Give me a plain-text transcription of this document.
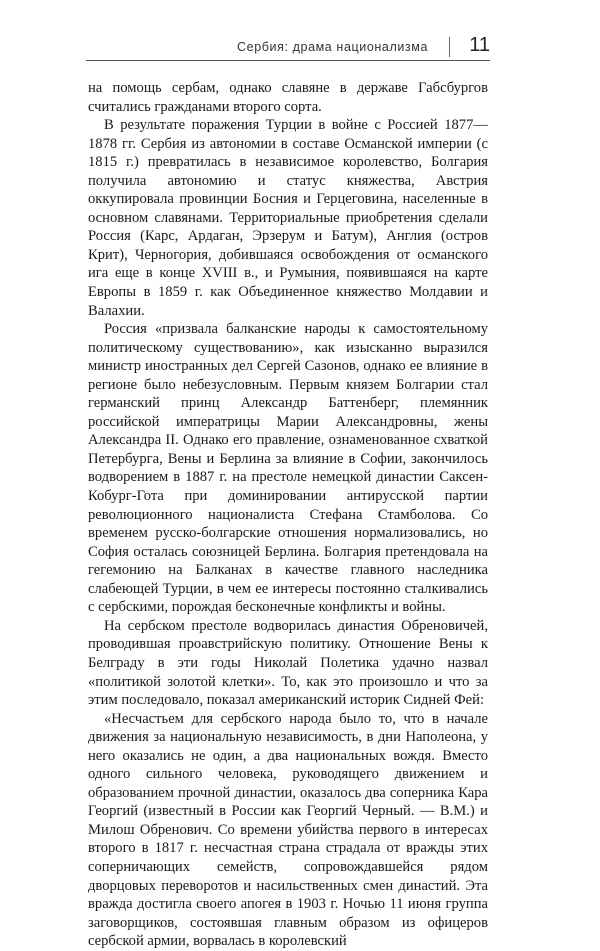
Сербия: драма национализма 11

на помощь сербам, однако славяне в державе Габсбургов считались гражданами второго сорта.

В результате поражения Турции в войне с Россией 1877—1878 гг. Сербия из автономии в составе Османской империи (с 1815 г.) превратилась в независимое королевство, Болгария получила автономию и статус княжества, Австрия оккупировала провинции Босния и Герцеговина, населенные в основном славянами. Территориальные приобретения сделали Россия (Карс, Ардаган, Эрзерум и Батум), Англия (остров Крит), Черногория, добившаяся освобождения от османского ига еще в конце XVIII в., и Румыния, появившаяся на карте Европы в 1859 г. как Объединенное княжество Молдавии и Валахии.

Россия «призвала балканские народы к самостоятельному политическому существованию», как изысканно выразился министр иностранных дел Сергей Сазонов, однако ее влияние в регионе было небезусловным. Первым князем Болгарии стал германский принц Александр Баттенберг, племянник российской императрицы Марии Александровны, жены Александра II. Однако его правление, ознаменованное схваткой Петербурга, Вены и Берлина за влияние в Софии, закончилось водворением в 1887 г. на престоле немецкой династии Саксен-Кобург-Гота при доминировании антирусской партии революционного националиста Стефана Стамболова. Со временем русско-болгарские отношения нормализовались, но София осталась союзницей Берлина. Болгария претендовала на гегемонию на Балканах в качестве главного наследника слабеющей Турции, в чем ее интересы постоянно сталкивались с сербскими, порождая бесконечные конфликты и войны.

На сербском престоле водворилась династия Обреновичей, проводившая проавстрийскую политику. Отношение Вены к Белграду в эти годы Николай Полетика удачно назвал «политикой золотой клетки». То, как это произошло и что за этим последовало, показал американский историк Сидней Фей:

«Несчастьем для сербского народа было то, что в начале движения за национальную независимость, в дни Наполеона, у него оказались не один, а два национальных вождя. Вместо одного сильного человека, руководящего движением и образованием прочной династии, оказалось два соперника Кара Георгий (известный в России как Георгий Черный. — В.М.) и Милош Обренович. Со времени убийства первого в интересах второго в 1817 г. несчастная страна страдала от вражды этих соперничающих семейств, сопровождавшейся рядом дворцовых переворотов и насильственных смен династий. Эта вражда достигла своего апогея в 1903 г. Ночью 11 июня группа заговорщиков, состоявшая главным образом из офицеров сербской армии, ворвалась в королевский
